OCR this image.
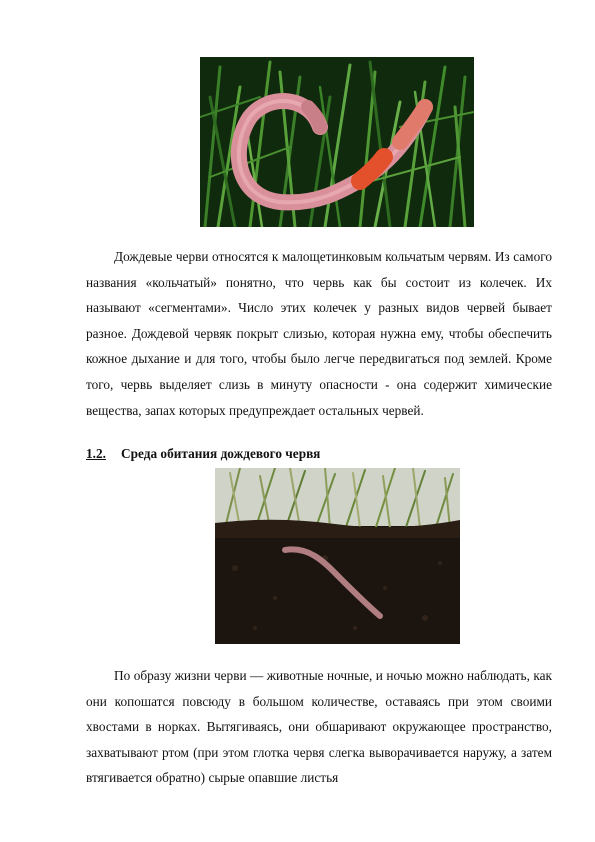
Дождевые черви относятся к малощетинковым кольчатым червям. Из самого названия «кольчатый» понятно, что червь как бы состоит из колечек. Их называют «сегментами». Число этих колечек у разных видов червей бывает разное. Дождевой червяк покрыт слизью, которая нужна ему, чтобы обеспечить кожное дыхание и для того, чтобы было легче передвигаться под землей. Кроме того, червь выделяет слизь в минуту опасности - она содержит химические вещества, запах которых предупреждает остальных червей.

1.2. Среда обитания дождевого червя

По образу жизни черви — животные ночные, и ночью можно наблюдать, как они копошатся повсюду в большом количестве, оставаясь при этом своими хвостами в норках. Вытягиваясь, они обшаривают окружающее пространство, захватывают ртом (при этом глотка червя слегка выворачивается наружу, а затем втягивается обратно) сырые опавшие листья
